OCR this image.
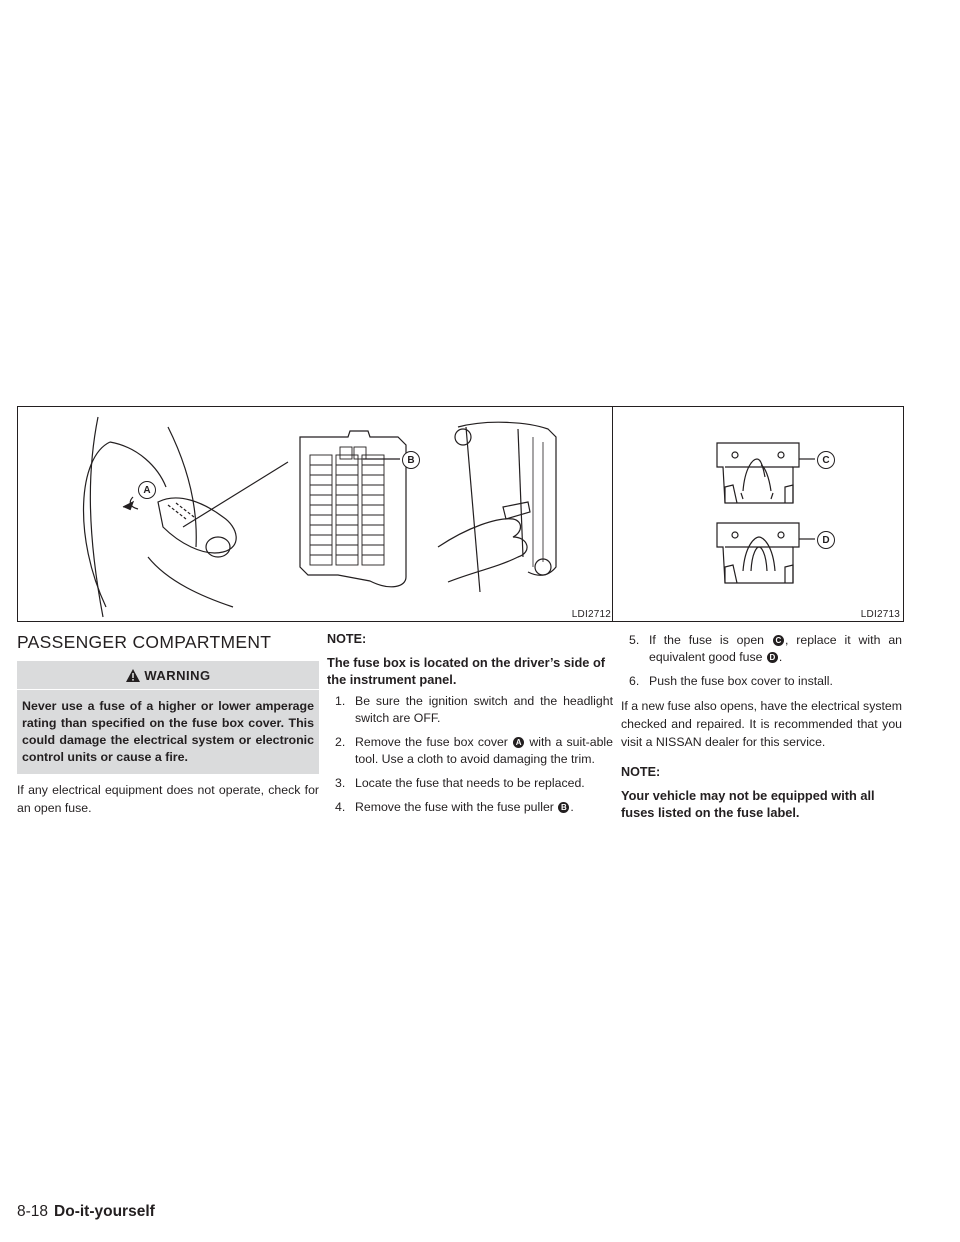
A
B
LDI2712
C
D
LDI2713
PASSENGER COMPARTMENT
WARNING
Never use a fuse of a higher or lower amperage rating than specified on the fuse box cover. This could damage the electrical system or electronic control units or cause a fire.

If any electrical equipment does not operate, check for an open fuse.

NOTE:
The fuse box is located on the driver’s side of the instrument panel.
1. Be sure the ignition switch and the headlight switch are OFF.
2. Remove the fuse box cover A with a suit-able tool. Use a cloth to avoid damaging the trim.
3. Locate the fuse that needs to be replaced.
4. Remove the fuse with the fuse puller B .
5. If the fuse is open C , replace it with an equivalent good fuse D .
6. Push the fuse box cover to install.

If a new fuse also opens, have the electrical system checked and repaired. It is recommended that you visit a NISSAN dealer for this service.

NOTE:
Your vehicle may not be equipped with all fuses listed on the fuse label.
8-18 Do-it-yourself
